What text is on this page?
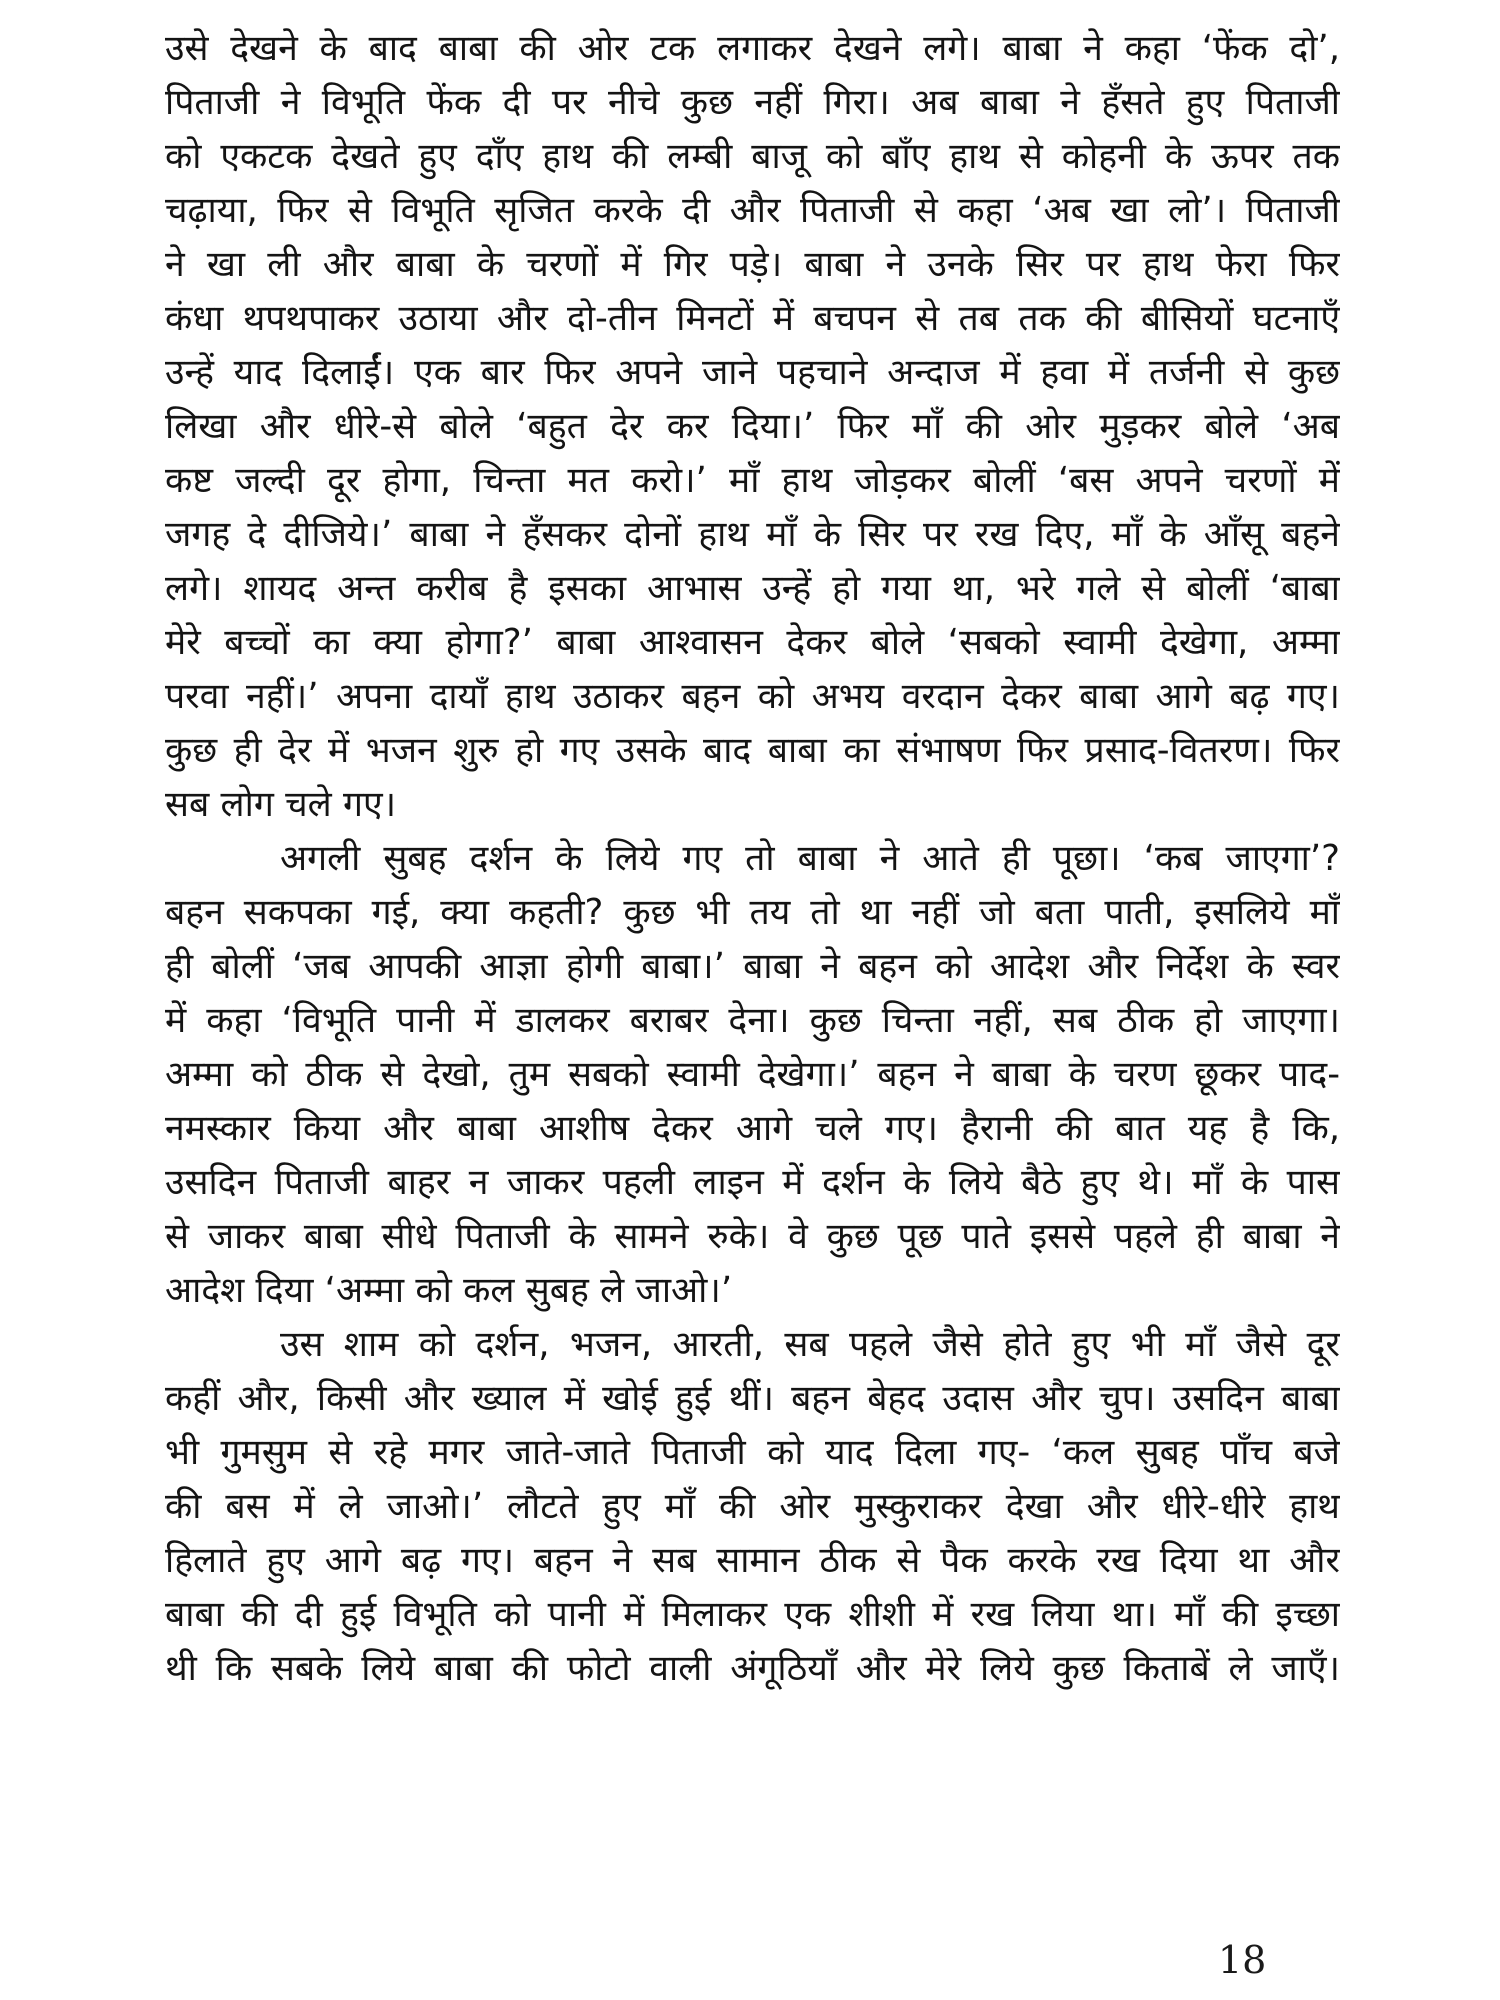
उसे देखने के बाद बाबा की ओर टक लगाकर देखने लगे। बाबा ने कहा ‘फेंक दो’,
पिताजी ने विभूति फेंक दी पर नीचे कुछ नहीं गिरा। अब बाबा ने हँसते हुए पिताजी
को एकटक देखते हुए दाँए हाथ की लम्बी बाजू को बाँए हाथ से कोहनी के ऊपर तक
चढ़ाया, फिर से विभूति सृजित करके दी और पिताजी से कहा ‘अब खा लो’। पिताजी
ने खा ली और बाबा के चरणों में गिर पड़े। बाबा ने उनके सिर पर हाथ फेरा फिर
कंधा थपथपाकर उठाया और दो-तीन मिनटों में बचपन से तब तक की बीसियों घटनाएँ
उन्हें याद दिलाईं। एक बार फिर अपने जाने पहचाने अन्दाज में हवा में तर्जनी से कुछ
लिखा और धीरे-से बोले ‘बहुत देर कर दिया।’ फिर माँ की ओर मुड़कर बोले ‘अब
कष्ट जल्दी दूर होगा, चिन्ता मत करो।’ माँ हाथ जोड़कर बोलीं ‘बस अपने चरणों में
जगह दे दीजिये।’ बाबा ने हँसकर दोनों हाथ माँ के सिर पर रख दिए, माँ के आँसू बहने
लगे। शायद अन्त करीब है इसका आभास उन्हें हो गया था, भरे गले से बोलीं ‘बाबा
मेरे बच्चों का क्या होगा?’ बाबा आश्वासन देकर बोले ‘सबको स्वामी देखेगा, अम्मा
परवा नहीं।’ अपना दायाँ हाथ उठाकर बहन को अभय वरदान देकर बाबा आगे बढ़ गए।
कुछ ही देर में भजन शुरु हो गए उसके बाद बाबा का संभाषण फिर प्रसाद-वितरण। फिर
सब लोग चले गए।
अगली सुबह दर्शन के लिये गए तो बाबा ने आते ही पूछा। ‘कब जाएगा’?
बहन सकपका गई, क्या कहती? कुछ भी तय तो था नहीं जो बता पाती, इसलिये माँ
ही बोलीं ‘जब आपकी आज्ञा होगी बाबा।’ बाबा ने बहन को आदेश और निर्देश के स्वर
में कहा ‘विभूति पानी में डालकर बराबर देना। कुछ चिन्ता नहीं, सब ठीक हो जाएगा।
अम्मा को ठीक से देखो, तुम सबको स्वामी देखेगा।’ बहन ने बाबा के चरण छूकर पाद-
नमस्कार किया और बाबा आशीष देकर आगे चले गए। हैरानी की बात यह है कि,
उसदिन पिताजी बाहर न जाकर पहली लाइन में दर्शन के लिये बैठे हुए थे। माँ के पास
से जाकर बाबा सीधे पिताजी के सामने रुके। वे कुछ पूछ पाते इससे पहले ही बाबा ने
आदेश दिया ‘अम्मा को कल सुबह ले जाओ।’
उस शाम को दर्शन, भजन, आरती, सब पहले जैसे होते हुए भी माँ जैसे दूर
कहीं और, किसी और ख्याल में खोई हुई थीं। बहन बेहद उदास और चुप। उसदिन बाबा
भी गुमसुम से रहे मगर जाते-जाते पिताजी को याद दिला गए- ‘कल सुबह पाँच बजे
की बस में ले जाओ।’ लौटते हुए माँ की ओर मुस्कुराकर देखा और धीरे-धीरे हाथ
हिलाते हुए आगे बढ़ गए। बहन ने सब सामान ठीक से पैक करके रख दिया था और
बाबा की दी हुई विभूति को पानी में मिलाकर एक शीशी में रख लिया था। माँ की इच्छा
थी कि सबके लिये बाबा की फोटो वाली अंगूठियाँ और मेरे लिये कुछ किताबें ले जाएँ।
18
